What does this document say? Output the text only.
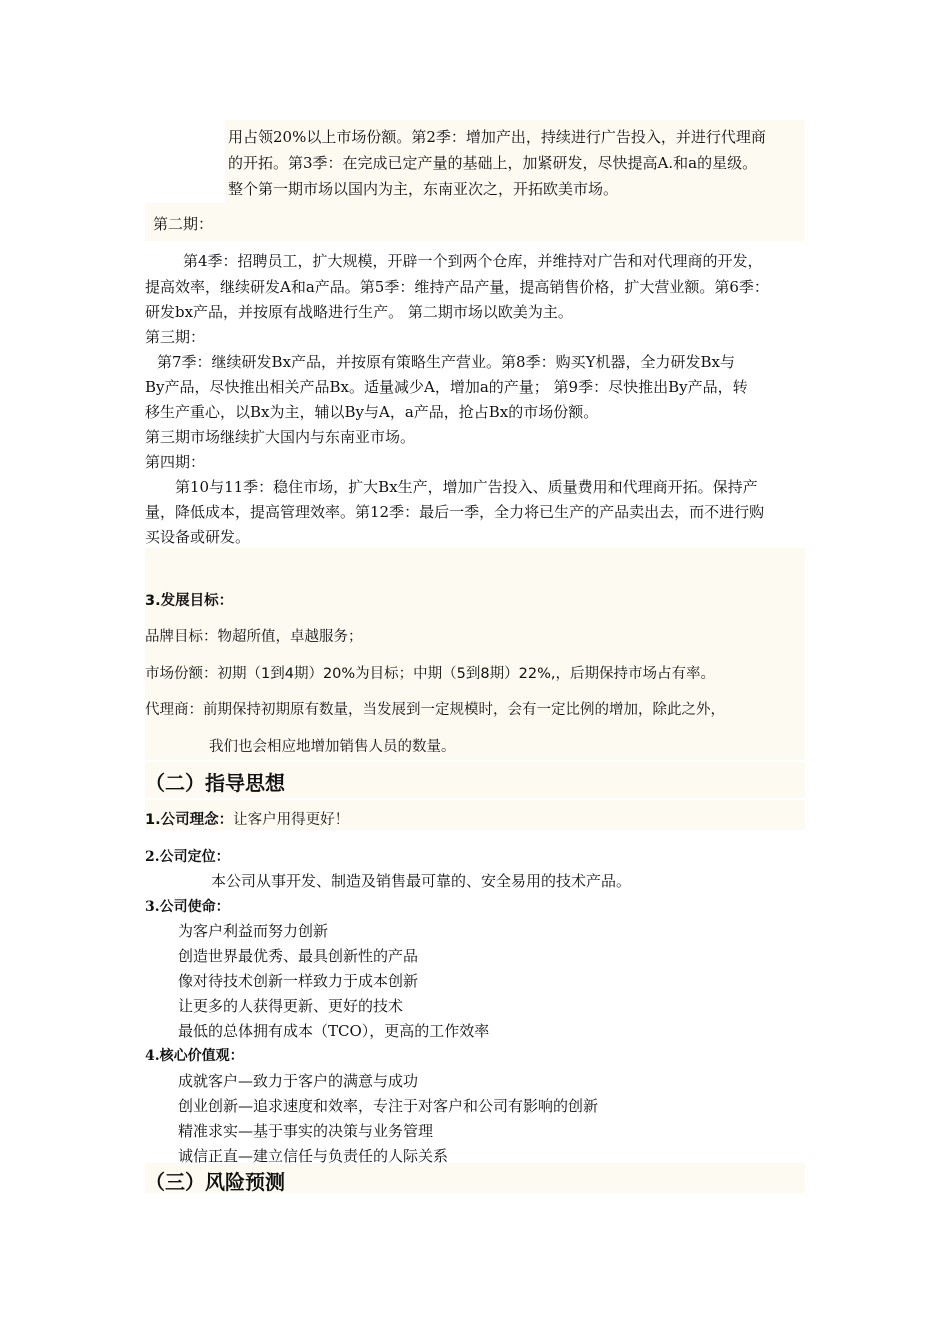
用占领20%以上市场份额。第2季：增加产出，持续进行广告投入，并进行代理商

的开拓。第3季：在完成已定产量的基础上，加紧研发，尽快提高A.和a的星级。

整个第一期市场以国内为主，东南亚次之，开拓欧美市场。

第二期：

第4季：招聘员工，扩大规模，开辟一个到两个仓库，并维持对广告和对代理商的开发，

提高效率，继续研发A和a产品。第5季：维持产品产量，提高销售价格，扩大营业额。第6季：

研发bx产品，并按原有战略进行生产。 第二期市场以欧美为主。

第三期：

第7季：继续研发Bx产品，并按原有策略生产营业。第8季：购买Y机器，全力研发Bx与

By产品，尽快推出相关产品Bx。适量减少A，增加a的产量； 第9季：尽快推出By产品，转

移生产重心，以Bx为主，辅以By与A，a产品，抢占Bx的市场份额。

第三期市场继续扩大国内与东南亚市场。

第四期：

第10与11季：稳住市场，扩大Bx生产，增加广告投入、质量费用和代理商开拓。保持产

量，降低成本，提高管理效率。第12季：最后一季，全力将已生产的产品卖出去，而不进行购

买设备或研发。

3.发展目标：

品牌目标：物超所值，卓越服务；

市场份额：初期（1到4期）20%为目标；中期（5到8期）22%,，后期保持市场占有率。

代理商：前期保持初期原有数量，当发展到一定规模时，会有一定比例的增加，除此之外，

我们也会相应地增加销售人员的数量。

（二）指导思想

1.公司理念：让客户用得更好！

2.公司定位：

本公司从事开发、制造及销售最可靠的、安全易用的技术产品。

3.公司使命：

为客户利益而努力创新

创造世界最优秀、最具创新性的产品

像对待技术创新一样致力于成本创新

让更多的人获得更新、更好的技术

最低的总体拥有成本（TCO），更高的工作效率

4.核心价值观：

成就客户—致力于客户的满意与成功

创业创新—追求速度和效率，专注于对客户和公司有影响的创新

精准求实—基于事实的决策与业务管理

诚信正直—建立信任与负责任的人际关系

（三）风险预测
